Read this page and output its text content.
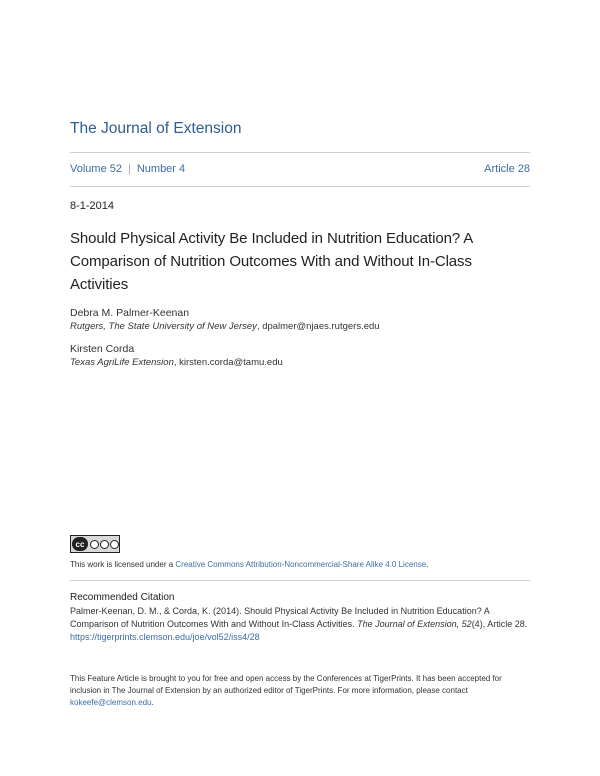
The Journal of Extension
Volume 52 | Number 4	Article 28
8-1-2014
Should Physical Activity Be Included in Nutrition Education? A Comparison of Nutrition Outcomes With and Without In-Class Activities
Debra M. Palmer-Keenan
Rutgers, The State University of New Jersey, dpalmer@njaes.rutgers.edu
Kirsten Corda
Texas AgriLife Extension, kirsten.corda@tamu.edu
cc
This work is licensed under a Creative Commons Attribution-Noncommercial-Share Alike 4.0 License.
Recommended Citation
Palmer-Keenan, D. M., & Corda, K. (2014). Should Physical Activity Be Included in Nutrition Education? A Comparison of Nutrition Outcomes With and Without In-Class Activities. The Journal of Extension, 52(4), Article 28. https://tigerprints.clemson.edu/joe/vol52/iss4/28
This Feature Article is brought to you for free and open access by the Conferences at TigerPrints. It has been accepted for inclusion in The Journal of Extension by an authorized editor of TigerPrints. For more information, please contact kokeefe@clemson.edu.
